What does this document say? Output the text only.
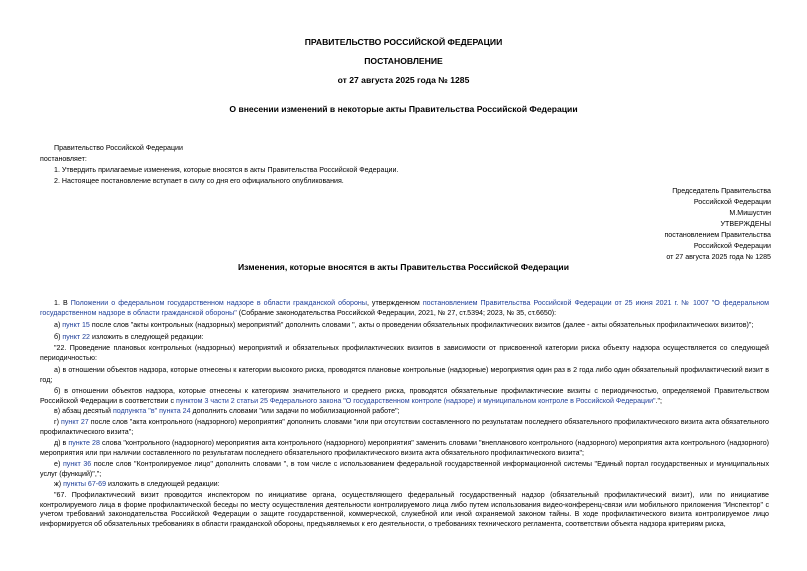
ПРАВИТЕЛЬСТВО РОССИЙСКОЙ ФЕДЕРАЦИИ
ПОСТАНОВЛЕНИЕ
от 27 августа 2025 года № 1285
О внесении изменений в некоторые акты Правительства Российской Федерации
Правительство Российской Федерации
постановляет:
1. Утвердить прилагаемые изменения, которые вносятся в акты Правительства Российской Федерации.
2. Настоящее постановление вступает в силу со дня его официального опубликования.
Председатель Правительства
Российской Федерации
М.Мишустин
УТВЕРЖДЕНЫ
постановлением Правительства
Российской Федерации
от 27 августа 2025 года № 1285
Изменения, которые вносятся в акты Правительства Российской Федерации
1. В Положении о федеральном государственном надзоре в области гражданской обороны, утвержденном постановлением Правительства Российской Федерации от 25 июня 2021 г. № 1007 "О федеральном государственном надзоре в области гражданской обороны" (Собрание законодательства Российской Федерации, 2021, № 27, ст.5394; 2023, № 35, ст.6650):
а) пункт 15 после слов "акты контрольных (надзорных) мероприятий" дополнить словами ", акты о проведении обязательных профилактических визитов (далее - акты обязательных профилактических визитов)";
б) пункт 22 изложить в следующей редакции:
"22. Проведение плановых контрольных (надзорных) мероприятий и обязательных профилактических визитов в зависимости от присвоенной категории риска объекту надзора осуществляется со следующей периодичностью:
а) в отношении объектов надзора, которые отнесены к категории высокого риска, проводятся плановые контрольные (надзорные) мероприятия один раз в 2 года либо один обязательный профилактический визит в год;
б) в отношении объектов надзора, которые отнесены к категориям значительного и среднего риска, проводятся обязательные профилактические визиты с периодичностью, определяемой Правительством Российской Федерации в соответствии с пунктом 3 части 2 статьи 25 Федерального закона "О государственном контроле (надзоре) и муниципальном контроле в Российской Федерации".";
в) абзац десятый подпункта "в" пункта 24 дополнить словами "или задачи по мобилизационной работе";
г) пункт 27 после слов "акта контрольного (надзорного) мероприятия" дополнить словами "или при отсутствии составленного по результатам последнего обязательного профилактического визита акта обязательного профилактического визита";
д) в пункте 28 слова "контрольного (надзорного) мероприятия акта контрольного (надзорного) мероприятия" заменить словами "внепланового контрольного (надзорного) мероприятия акта контрольного (надзорного) мероприятия или при наличии составленного по результатам последнего обязательного профилактического визита акта обязательного профилактического визита";
е) пункт 36 после слов "Контролируемое лицо" дополнить словами ", в том числе с использованием федеральной государственной информационной системы "Единый портал государственных и муниципальных услуг (функций)",";
ж) пункты 67-69 изложить в следующей редакции:
"67. Профилактический визит проводится инспектором по инициативе органа, осуществляющего федеральный государственный надзор (обязательный профилактический визит), или по инициативе контролируемого лица в форме профилактической беседы по месту осуществления деятельности контролируемого лица либо путем использования видео-конференц-связи или мобильного приложения "Инспектор" с учетом требований законодательства Российской Федерации о защите государственной, коммерческой, служебной или иной охраняемой законом тайны. В ходе профилактического визита контролируемое лицо информируется об обязательных требованиях в области гражданской обороны, предъявляемых к его деятельности, о требованиях технического регламента, соответствии объекта надзора критериям риска,
